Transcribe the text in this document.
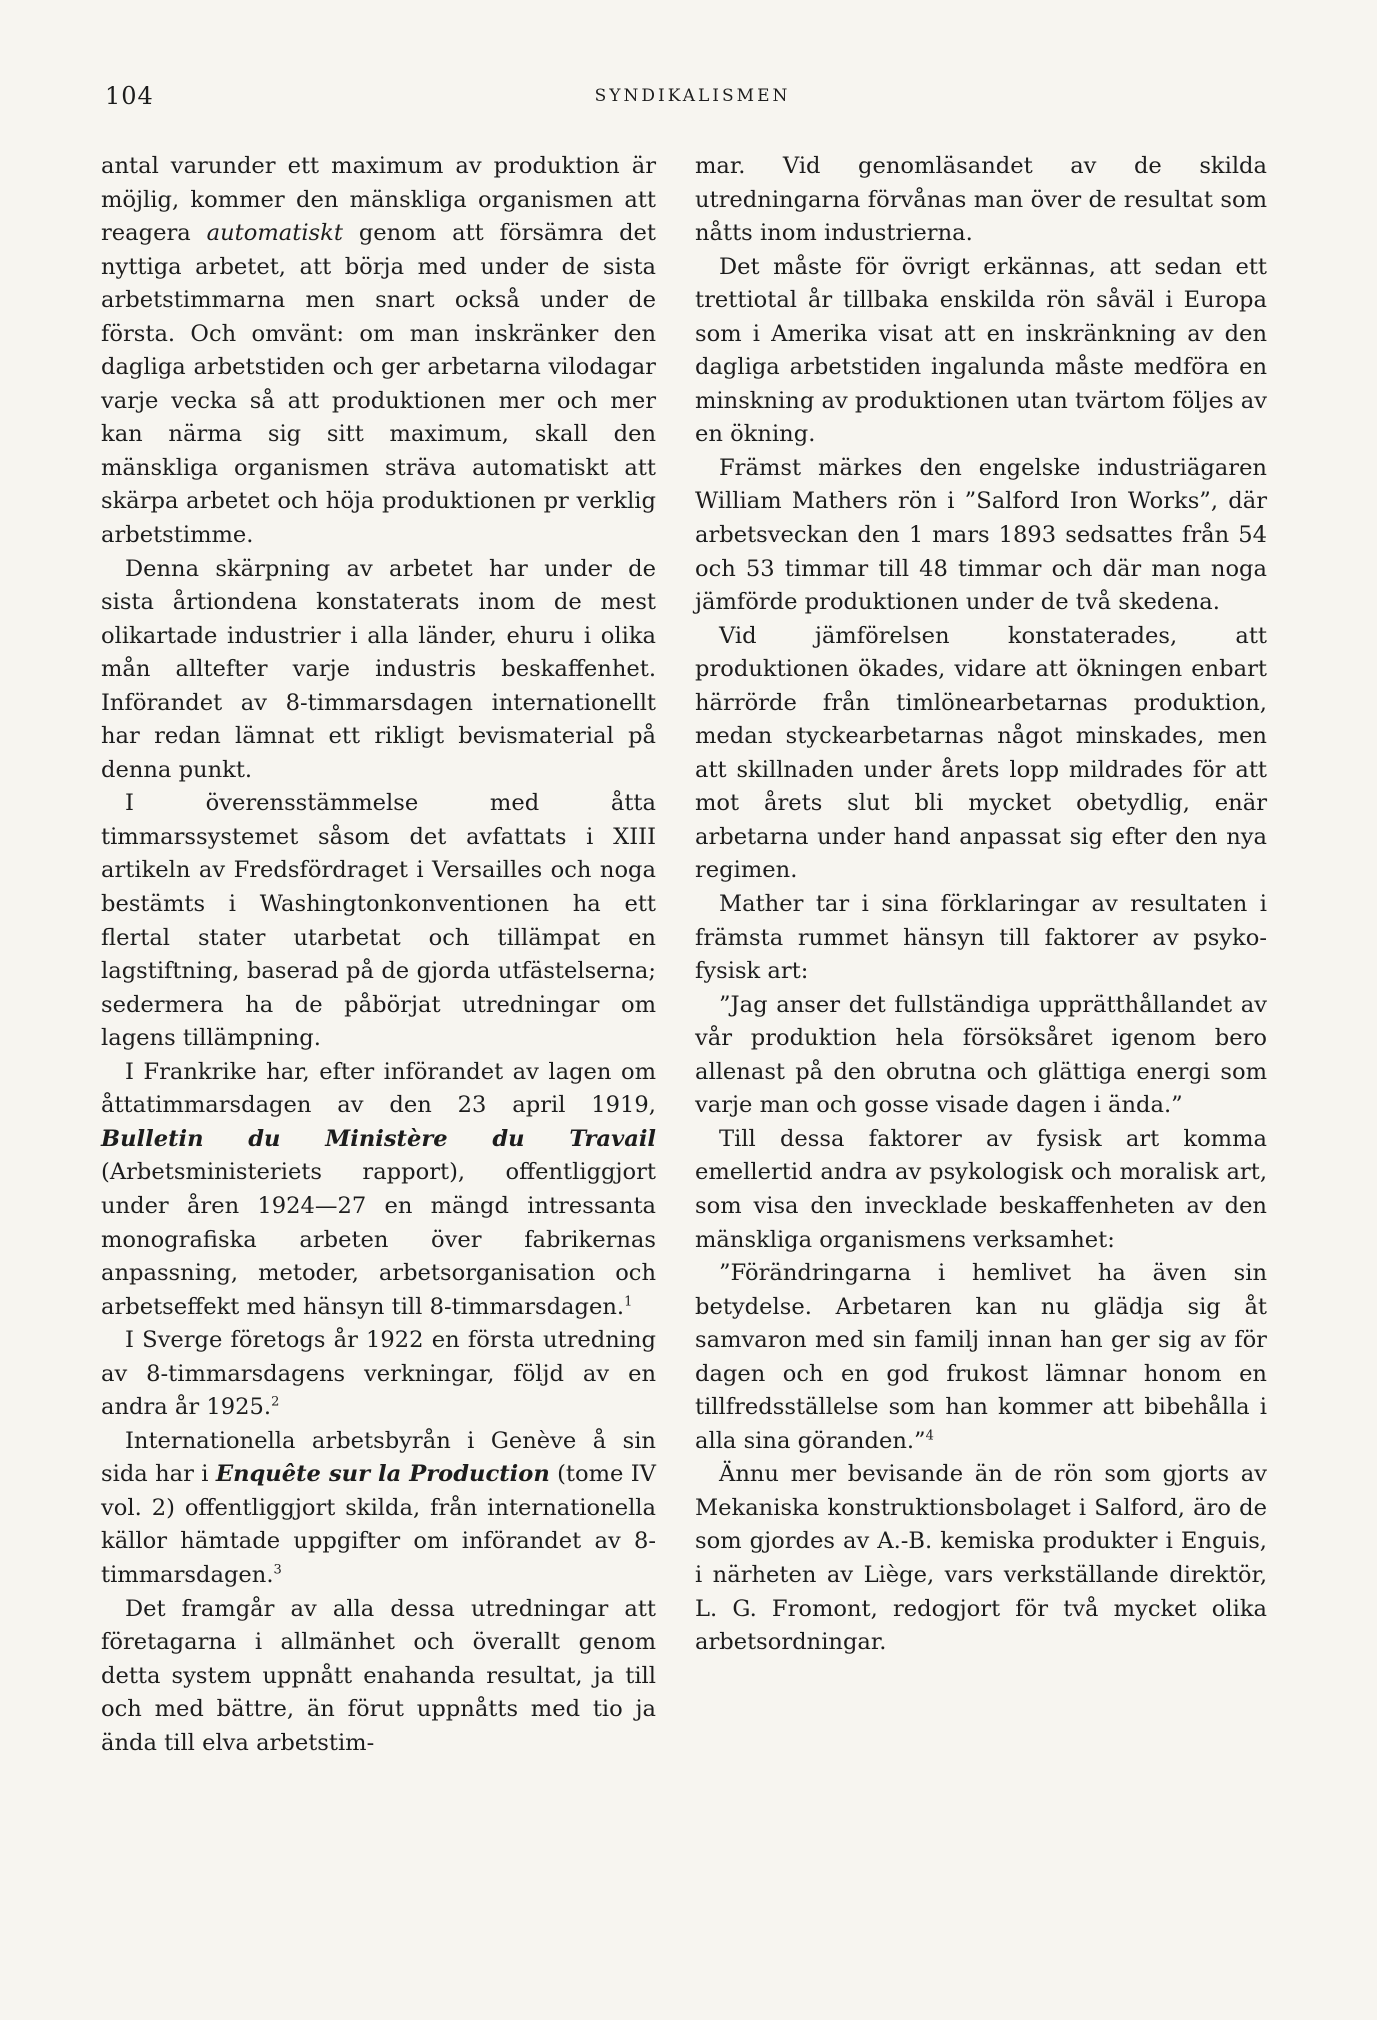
104	SYNDIKALISMEN

antal varunder ett maximum av produktion är möjlig, kommer den mänskliga organismen att reagera automatiskt genom att försämra det nyttiga arbetet, att börja med under de sista arbetstimmarna men snart också under de första. Och omvänt: om man inskränker den dagliga arbetstiden och ger arbetarna vilodagar varje vecka så att produktionen mer och mer kan närma sig sitt maximum, skall den mänskliga organismen sträva automatiskt att skärpa arbetet och höja produktionen pr verklig arbetstimme.

Denna skärpning av arbetet har under de sista årtiondena konstaterats inom de mest olikartade industrier i alla länder, ehuru i olika mån alltefter varje industris beskaffenhet. Införandet av 8-timmarsdagen internationellt har redan lämnat ett rikligt bevismaterial på denna punkt.

I överensstämmelse med åtta timmarssystemet såsom det avfattats i XIII artikeln av Fredsfördraget i Versailles och noga bestämts i Washingtonkonventionen ha ett flertal stater utarbetat och tillämpat en lagstiftning, baserad på de gjorda utfästelserna; sedermera ha de påbörjat utredningar om lagens tillämpning.

I Frankrike har, efter införandet av lagen om åttatimmarsdagen av den 23 april 1919, Bulletin du Ministère du Travail (Arbetsministeriets rapport), offentliggjort under åren 1924—27 en mängd intressanta monografiska arbeten över fabrikernas anpassning, metoder, arbetsorganisation och arbetseffekt med hänsyn till 8-timmarsdagen.$^1$

I Sverge företogs år 1922 en första utredning av 8-timmarsdagens verkningar, följd av en andra år 1925.$^2$

Internationella arbetsbyrån i Genève å sin sida har i Enquête sur la Production (tome IV vol. 2) offentliggjort skilda, från internationella källor hämtade uppgifter om införandet av 8-timmarsdagen.$^3$

Det framgår av alla dessa utredningar att företagarna i allmänhet och överallt genom detta system uppnått enahanda resultat, ja till och med bättre, än förut uppnåtts med tio ja ända till elva arbetstim-

mar. Vid genomläsandet av de skilda utredningarna förvånas man över de resultat som nåtts inom industrierna.

Det måste för övrigt erkännas, att sedan ett trettiotal år tillbaka enskilda rön såväl i Europa som i Amerika visat att en inskränkning av den dagliga arbetstiden ingalunda måste medföra en minskning av produktionen utan tvärtom följes av en ökning.

Främst märkes den engelske industriägaren William Mathers rön i ”Salford Iron Works”, där arbetsveckan den 1 mars 1893 sedsattes från 54 och 53 timmar till 48 timmar och där man noga jämförde produktionen under de två skedena.

Vid jämförelsen konstaterades, att produktionen ökades, vidare att ökningen enbart härrörde från timlönearbetarnas produktion, medan styckearbetarnas något minskades, men att skillnaden under årets lopp mildrades för att mot årets slut bli mycket obetydlig, enär arbetarna under hand anpassat sig efter den nya regimen.

Mather tar i sina förklaringar av resultaten i främsta rummet hänsyn till faktorer av psyko-fysisk art:

”Jag anser det fullständiga upprätthållandet av vår produktion hela försöksåret igenom bero allenast på den obrutna och glättiga energi som varje man och gosse visade dagen i ända.”

Till dessa faktorer av fysisk art komma emellertid andra av psykologisk och moralisk art, som visa den invecklade beskaffenheten av den mänskliga organismens verksamhet:

”Förändringarna i hemlivet ha även sin betydelse. Arbetaren kan nu glädja sig åt samvaron med sin familj innan han ger sig av för dagen och en god frukost lämnar honom en tillfredsställelse som han kommer att bibehålla i alla sina göranden.”$^4$

Ännu mer bevisande än de rön som gjorts av Mekaniska konstruktionsbolaget i Salford, äro de som gjordes av A.-B. kemiska produkter i Enguis, i närheten av Liège, vars verkställande direktör, L. G. Fromont, redogjort för två mycket olika arbetsordningar.
